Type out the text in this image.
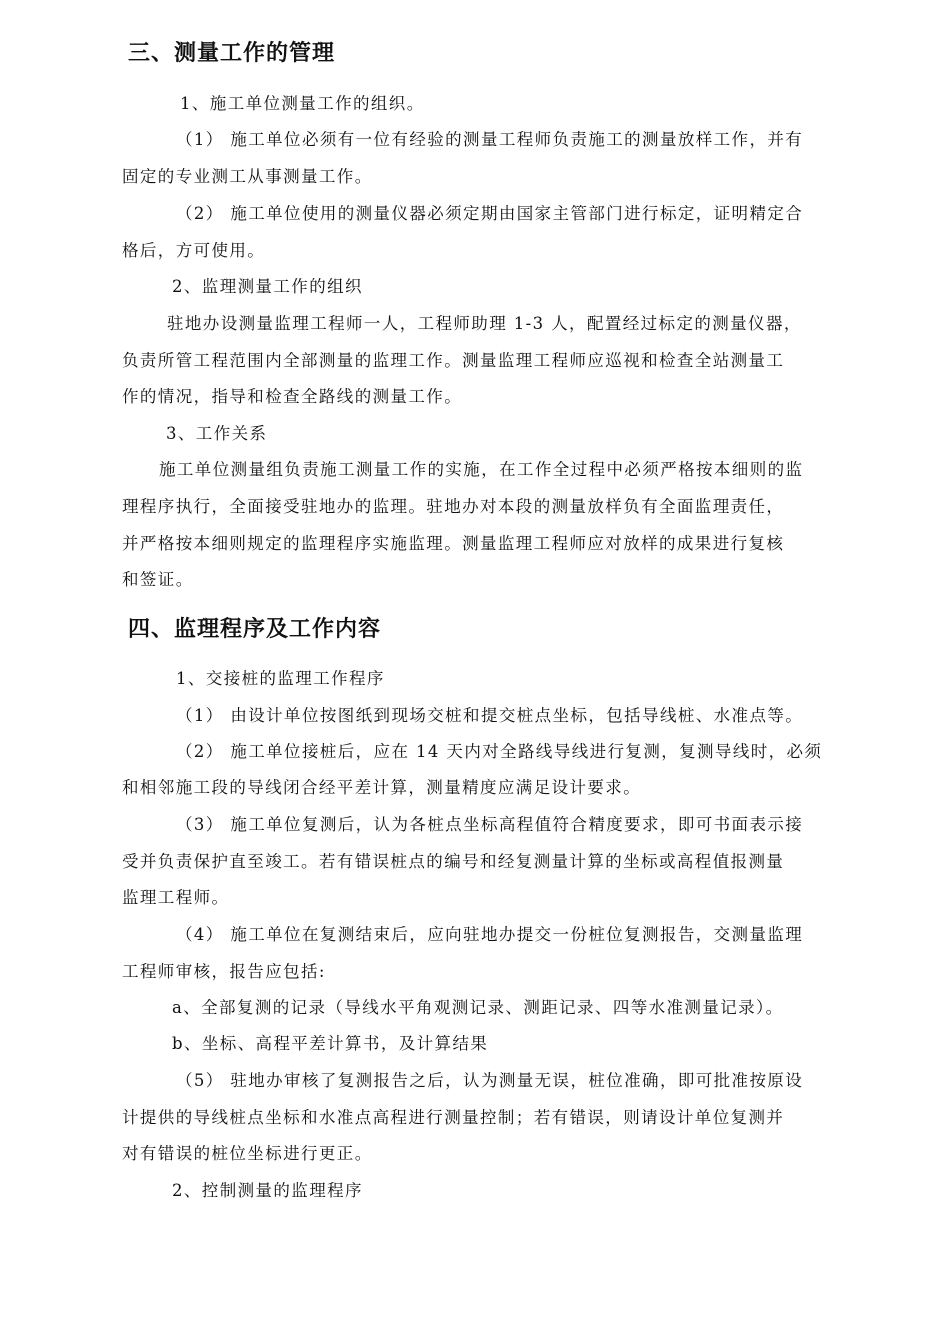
三、测量工作的管理
1、施工单位测量工作的组织。
（1） 施工单位必须有一位有经验的测量工程师负责施工的测量放样工作，并有
固定的专业测工从事测量工作。
（2） 施工单位使用的测量仪器必须定期由国家主管部门进行标定，证明精定合
格后，方可使用。
2、监理测量工作的组织
驻地办设测量监理工程师一人，工程师助理 1-3 人，配置经过标定的测量仪器，
负责所管工程范围内全部测量的监理工作。测量监理工程师应巡视和检查全站测量工
作的情况，指导和检查全路线的测量工作。
3、工作关系
施工单位测量组负责施工测量工作的实施，在工作全过程中必须严格按本细则的监
理程序执行，全面接受驻地办的监理。驻地办对本段的测量放样负有全面监理责任，
并严格按本细则规定的监理程序实施监理。测量监理工程师应对放样的成果进行复核
和签证。
四、监理程序及工作内容
1、交接桩的监理工作程序
（1） 由设计单位按图纸到现场交桩和提交桩点坐标，包括导线桩、水准点等。
（2） 施工单位接桩后，应在 14 天内对全路线导线进行复测，复测导线时，必须
和相邻施工段的导线闭合经平差计算，测量精度应满足设计要求。
（3） 施工单位复测后，认为各桩点坐标高程值符合精度要求，即可书面表示接
受并负责保护直至竣工。若有错误桩点的编号和经复测量计算的坐标或高程值报测量
监理工程师。
（4） 施工单位在复测结束后，应向驻地办提交一份桩位复测报告，交测量监理
工程师审核，报告应包括:
a、全部复测的记录（导线水平角观测记录、测距记录、四等水准测量记录）。
b、坐标、高程平差计算书，及计算结果
（5） 驻地办审核了复测报告之后，认为测量无误，桩位准确，即可批准按原设
计提供的导线桩点坐标和水准点高程进行测量控制；若有错误，则请设计单位复测并
对有错误的桩位坐标进行更正。
2、控制测量的监理程序
